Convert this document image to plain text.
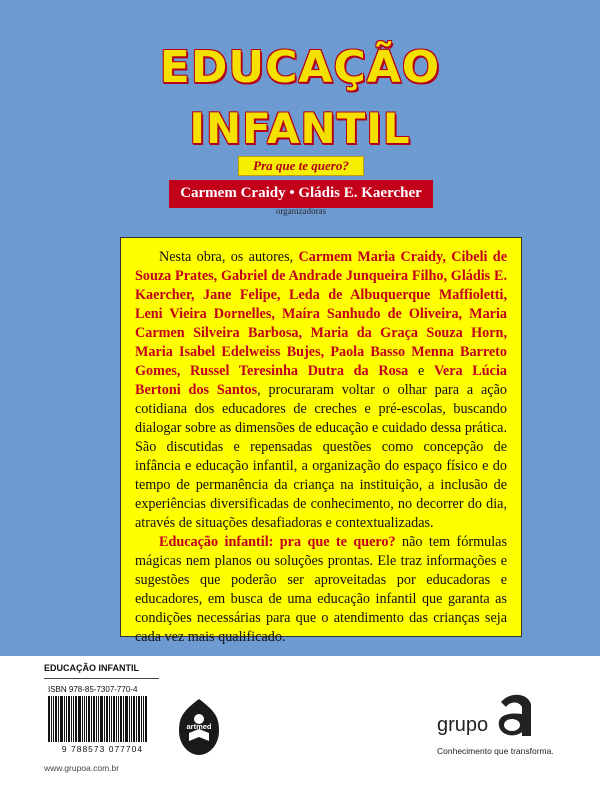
EDUCAÇÃO
INFANTIL
Pra que te quero?
Carmem Craidy • Gládis E. Kaercher
organizadoras

Nesta obra, os autores, Carmem Maria Craidy, Cibeli de Souza Prates, Gabriel de Andrade Junqueira Filho, Gládis E. Kaercher, Jane Felipe, Leda de Albuquerque Maffioletti, Leni Vieira Dornelles, Maíra Sanhudo de Oliveira, Maria Carmen Silveira Barbosa, Maria da Graça Souza Horn, Maria Isabel Edelweiss Bujes, Paola Basso Menna Barreto Gomes, Russel Teresinha Dutra da Rosa e Vera Lúcia Bertoni dos Santos, procuraram voltar o olhar para a ação cotidiana dos educadores de creches e pré-escolas, buscando dialogar sobre as dimensões de educação e cuidado dessa prática. São discutidas e repensadas questões como concepção de infância e educação infantil, a organização do espaço físico e do tempo de permanência da criança na instituição, a inclusão de experiências diversificadas de conhecimento, no decorrer do dia, através de situações desafiadoras e contextualizadas.

Educação infantil: pra que te quero? não tem fórmulas mágicas nem planos ou soluções prontas. Ele traz informações e sugestões que poderão ser aproveitadas por educadoras e educadores, em busca de uma educação infantil que garanta as condições necessárias para que o atendimento das crianças seja cada vez mais qualificado.

EDUCAÇÃO INFANTIL
ISBN 978-85-7307-770-4
9 788573 077704
www.grupoa.com.br
artmed	grupo
Conhecimento que transforma.
